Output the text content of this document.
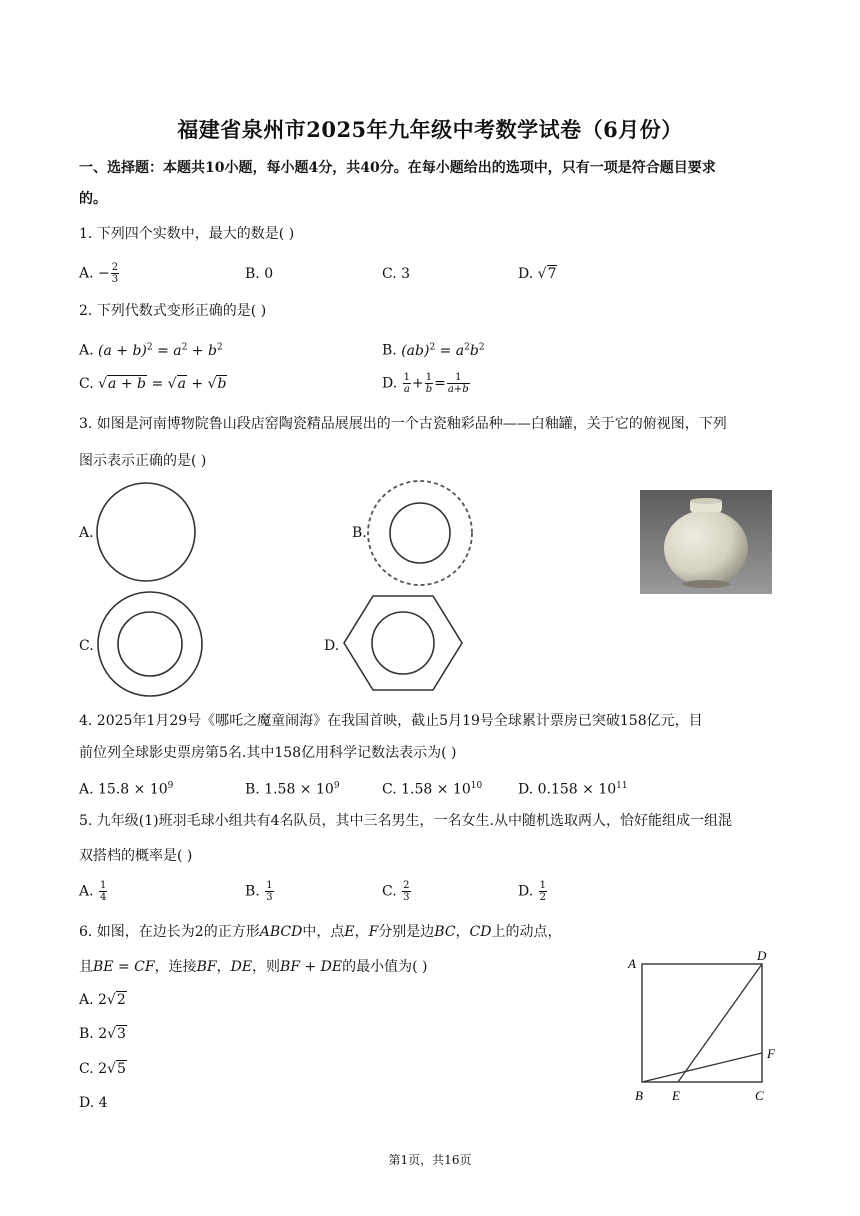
福建省泉州市2025年九年级中考数学试卷（6月份）
一、选择题：本题共10小题，每小题4分，共40分。在每小题给出的选项中，只有一项是符合题目要求
的。
1. 下列四个实数中，最大的数是( )
A. − $\frac{2}{3}$	B. 0	C. 3	D. √7
2. 下列代数式变形正确的是( )
A. $(a + b)^2 = a^2 + b^2$	B. $(ab)^2 = a^2b^2$
C. √a + b = √a + √b	D. $\frac{1}{a} + \frac{1}{b} = \frac{1}{a+b}$
3. 如图是河南博物院鲁山段店窑陶瓷精品展展出的一个古瓷釉彩品种——白釉罐，关于它的俯视图，下列
图示表示正确的是( )
A.	B.
C.	D.
4. 2025年1月29号《哪吒之魔童闹海》在我国首映，截止5月19号全球累计票房已突破158亿元，目
前位列全球影史票房第5名.其中158亿用科学记数法表示为( )
A. $15.8 \times 10^9$	B. $1.58 \times 10^9$	C. $1.58 \times 10^{10}$	D. $0.158 \times 10^{11}$
5. 九年级(1)班羽毛球小组共有4名队员，其中三名男生，一名女生.从中随机选取两人，恰好能组成一组混
双搭档的概率是( )
A. $\frac{1}{4}$	B. $\frac{1}{3}$	C. $\frac{2}{3}$	D. $\frac{1}{2}$
6. 如图，在边长为2的正方形ABCD中，点E，F分别是边BC，CD上的动点，
且BE = CF，连接BF，DE，则BF + DE的最小值为( )
A. 2√2
B. 2√3
C. 2√5
D. 4
A
D
F
B E	C
第1页，共16页
